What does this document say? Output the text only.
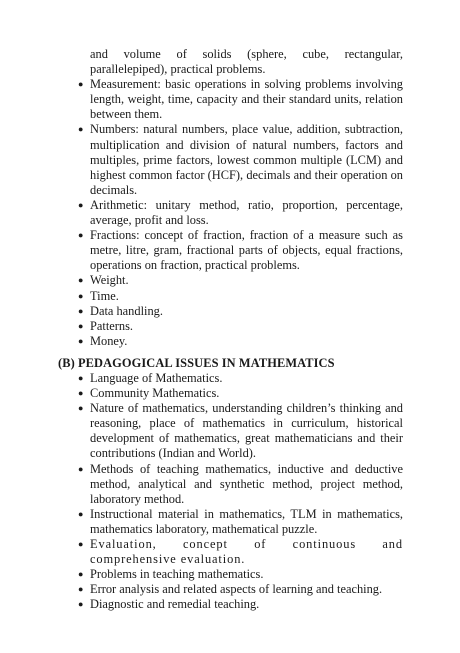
and volume of solids (sphere, cube, rectangular, parallelepiped), practical problems.
● Measurement: basic operations in solving problems involving length, weight, time, capacity and their standard units, relation between them.
● Numbers: natural numbers, place value, addition, subtraction, multiplication and division of natural numbers, factors and multiples, prime factors, lowest common multiple (LCM) and highest common factor (HCF), decimals and their operation on decimals.
● Arithmetic: unitary method, ratio, proportion, percentage, average, profit and loss.
● Fractions: concept of fraction, fraction of a measure such as metre, litre, gram, fractional parts of objects, equal fractions, operations on fraction, practical problems.
● Weight.
● Time.
● Data handling.
● Patterns.
● Money.
(B) PEDAGOGICAL ISSUES IN MATHEMATICS
● Language of Mathematics.
● Community Mathematics.
● Nature of mathematics, understanding children’s thinking and reasoning, place of mathematics in curriculum, historical development of mathematics, great mathematicians and their contributions (Indian and World).
● Methods of teaching mathematics, inductive and deductive method, analytical and synthetic method, project method, laboratory method.
● Instructional material in mathematics, TLM in mathematics, mathematics laboratory, mathematical puzzle.
● Evaluation, concept of continuous and comprehensive evaluation.
● Problems in teaching mathematics.
● Error analysis and related aspects of learning and teaching.
● Diagnostic and remedial teaching.
